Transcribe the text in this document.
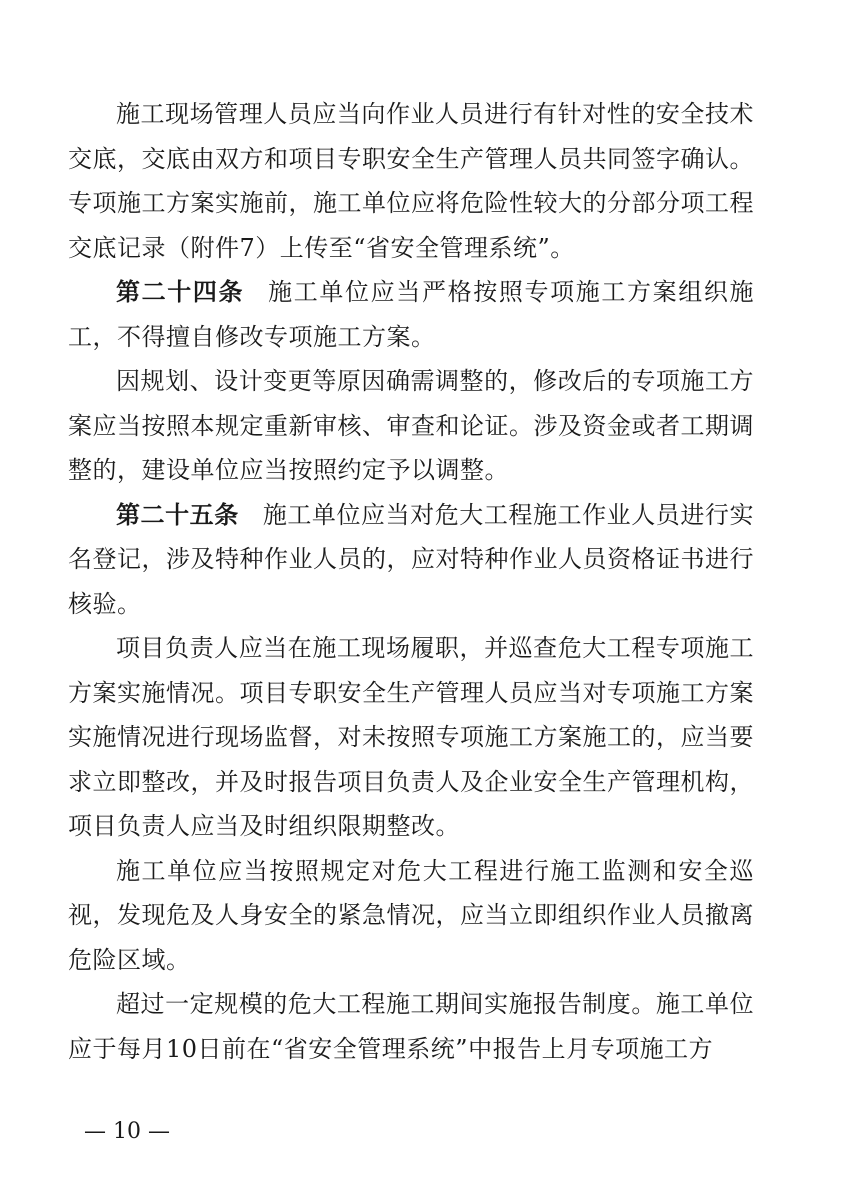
施工现场管理人员应当向作业人员进行有针对性的安全技术交底，交底由双方和项目专职安全生产管理人员共同签字确认。专项施工方案实施前，施工单位应将危险性较大的分部分项工程交底记录（附件7）上传至“省安全管理系统”。

第二十四条 施工单位应当严格按照专项施工方案组织施工，不得擅自修改专项施工方案。

因规划、设计变更等原因确需调整的，修改后的专项施工方案应当按照本规定重新审核、审查和论证。涉及资金或者工期调整的，建设单位应当按照约定予以调整。

第二十五条 施工单位应当对危大工程施工作业人员进行实名登记，涉及特种作业人员的，应对特种作业人员资格证书进行核验。

项目负责人应当在施工现场履职，并巡查危大工程专项施工方案实施情况。项目专职安全生产管理人员应当对专项施工方案实施情况进行现场监督，对未按照专项施工方案施工的，应当要求立即整改，并及时报告项目负责人及企业安全生产管理机构，项目负责人应当及时组织限期整改。

施工单位应当按照规定对危大工程进行施工监测和安全巡视，发现危及人身安全的紧急情况，应当立即组织作业人员撤离危险区域。

超过一定规模的危大工程施工期间实施报告制度。施工单位应于每月10日前在“省安全管理系统”中报告上月专项施工方

— 10 —
